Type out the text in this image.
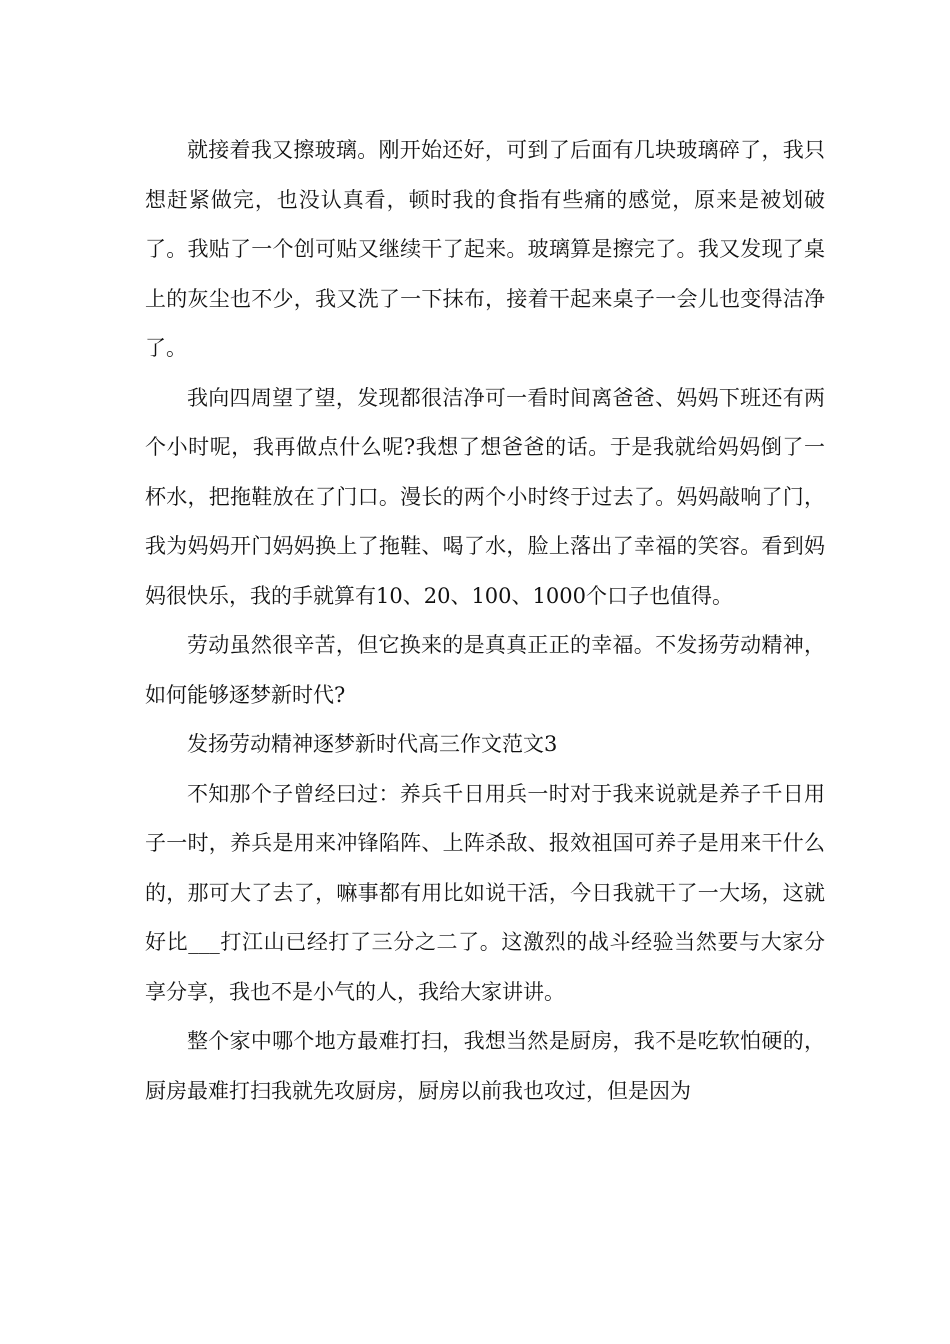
就接着我又擦玻璃。刚开始还好，可到了后面有几块玻璃碎了，我只想赶紧做完，也没认真看，顿时我的食指有些痛的感觉，原来是被划破了。我贴了一个创可贴又继续干了起来。玻璃算是擦完了。我又发现了桌上的灰尘也不少，我又洗了一下抹布，接着干起来桌子一会儿也变得洁净了。

我向四周望了望，发现都很洁净可一看时间离爸爸、妈妈下班还有两个小时呢，我再做点什么呢?我想了想爸爸的话。于是我就给妈妈倒了一杯水，把拖鞋放在了门口。漫长的两个小时终于过去了。妈妈敲响了门，我为妈妈开门妈妈换上了拖鞋、喝了水，脸上落出了幸福的笑容。看到妈妈很快乐，我的手就算有10、20、100、1000个口子也值得。

劳动虽然很辛苦，但它换来的是真真正正的幸福。不发扬劳动精神，如何能够逐梦新时代?

发扬劳动精神逐梦新时代高三作文范文3

不知那个子曾经曰过：养兵千日用兵一时对于我来说就是养子千日用子一时，养兵是用来冲锋陷阵、上阵杀敌、报效祖国可养子是用来干什么的，那可大了去了，嘛事都有用比如说干活，今日我就干了一大场，这就好比___打江山已经打了三分之二了。这激烈的战斗经验当然要与大家分享分享，我也不是小气的人，我给大家讲讲。

整个家中哪个地方最难打扫，我想当然是厨房，我不是吃软怕硬的，厨房最难打扫我就先攻厨房，厨房以前我也攻过，但是因为
